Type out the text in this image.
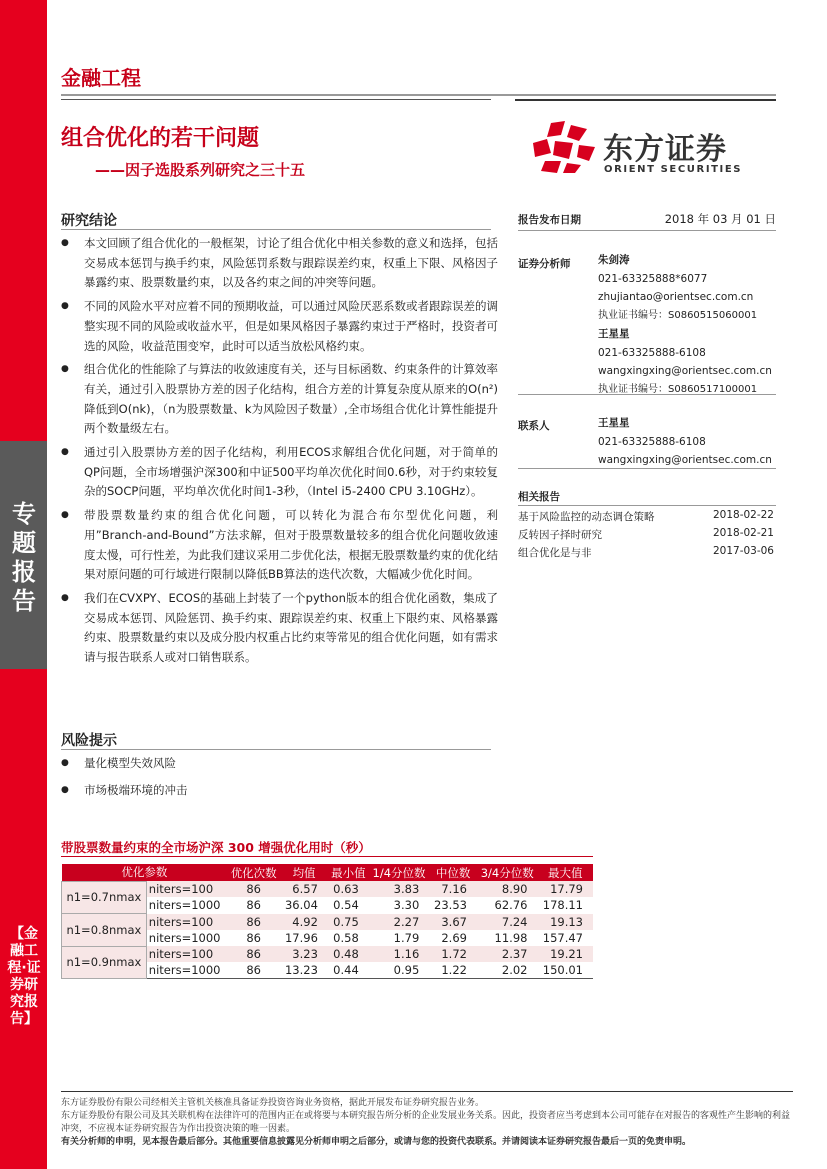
专题报告
【金融工程·证券研究报告】
金融工程
组合优化的若干问题
——因子选股系列研究之三十五
东方证券
ORIENT SECURITIES
研究结论
● 本文回顾了组合优化的一般框架，讨论了组合优化中相关参数的意义和选择，包括交易成本惩罚与换手约束，风险惩罚系数与跟踪误差约束，权重上下限、风格因子暴露约束、股票数量约束，以及各约束之间的冲突等问题。
● 不同的风险水平对应着不同的预期收益，可以通过风险厌恶系数或者跟踪误差的调整实现不同的风险或收益水平，但是如果风格因子暴露约束过于严格时，投资者可选的风险，收益范围变窄，此时可以适当放松风格约束。
● 组合优化的性能除了与算法的收敛速度有关，还与目标函数、约束条件的计算效率有关，通过引入股票协方差的因子化结构，组合方差的计算复杂度从原来的O(n²)降低到O(nk)，（n为股票数量、k为风险因子数量）,全市场组合优化计算性能提升两个数量级左右。
● 通过引入股票协方差的因子化结构，利用ECOS求解组合优化问题，对于简单的QP问题，全市场增强沪深300和中证500平均单次优化时间0.6秒，对于约束较复杂的SOCP问题，平均单次优化时间1-3秒，（Intel i5-2400 CPU 3.10GHz）。
● 带股票数量约束的组合优化问题，可以转化为混合布尔型优化问题，利用”Branch-and-Bound”方法求解，但对于股票数量较多的组合优化问题收敛速度太慢，可行性差，为此我们建议采用二步优化法，根据无股票数量约束的优化结果对原问题的可行域进行限制以降低BB算法的迭代次数，大幅减少优化时间。
● 我们在CVXPY、ECOS的基础上封装了一个python版本的组合优化函数，集成了交易成本惩罚、风险惩罚、换手约束、跟踪误差约束、权重上下限约束、风格暴露约束、股票数量约束以及成分股内权重占比约束等常见的组合优化问题，如有需求请与报告联系人或对口销售联系。
风险提示
● 量化模型失效风险
● 市场极端环境的冲击
报告发布日期	2018 年 03 月 01 日
证券分析师	朱剑涛
021-63325888*6077
zhujiantao@orientsec.com.cn
执业证书编号：S0860515060001
王星星
021-63325888-6108
wangxingxing@orientsec.com.cn
执业证书编号：S0860517100001
联系人	王星星
021-63325888-6108
wangxingxing@orientsec.com.cn
相关报告
基于风险监控的动态调仓策略	2018-02-22
反转因子择时研究	2018-02-21
组合优化是与非	2017-03-06
带股票数量约束的全市场沪深 300 增强优化用时（秒）
优化参数		优化次数	均值	最小值	1/4分位数	中位数	3/4分位数	最大值
n1=0.7nmax	niters=100	86	6.57	0.63	3.83	7.16	8.90	17.79
	niters=1000	86	36.04	0.54	3.30	23.53	62.76	178.11
n1=0.8nmax	niters=100	86	4.92	0.75	2.27	3.67	7.24	19.13
	niters=1000	86	17.96	0.58	1.79	2.69	11.98	157.47
n1=0.9nmax	niters=100	86	3.23	0.48	1.16	1.72	2.37	19.21
	niters=1000	86	13.23	0.44	0.95	1.22	2.02	150.01
东方证券股份有限公司经相关主管机关核准具备证券投资咨询业务资格，据此开展发布证券研究报告业务。
东方证券股份有限公司及其关联机构在法律许可的范围内正在或将要与本研究报告所分析的企业发展业务关系。因此，投资者应当考虑到本公司可能存在对报告的客观性产生影响的利益冲突，不应视本证券研究报告为作出投资决策的唯一因素。
有关分析师的申明，见本报告最后部分。其他重要信息披露见分析师申明之后部分，或请与您的投资代表联系。并请阅读本证券研究报告最后一页的免责申明。
